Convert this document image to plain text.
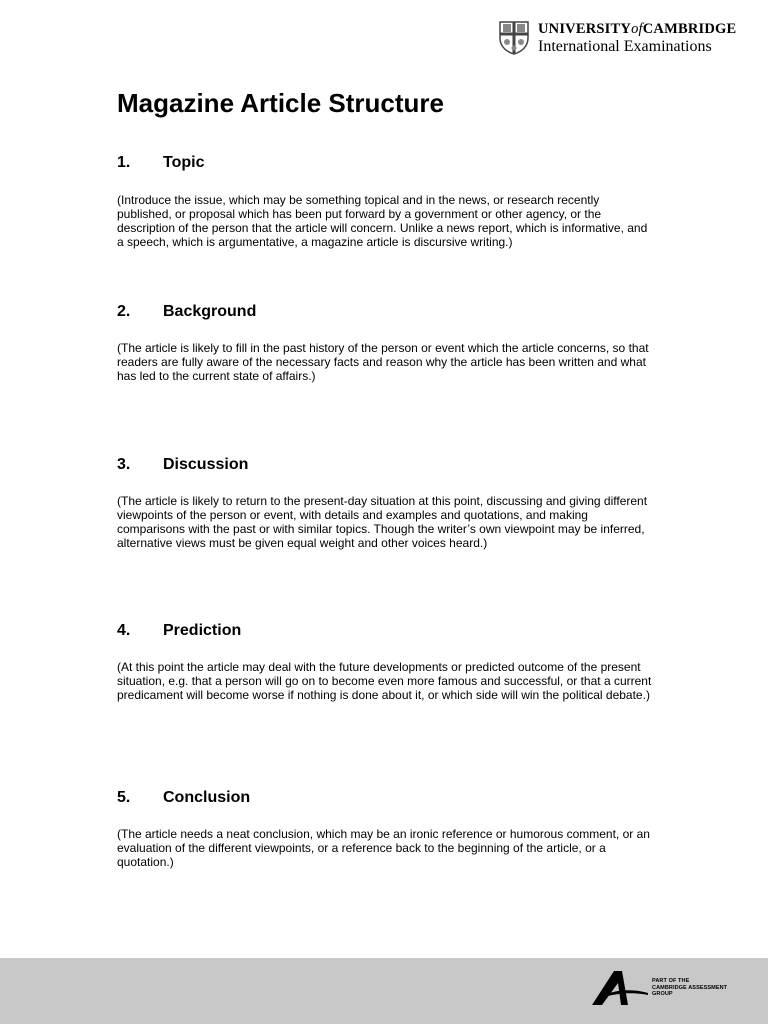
UNIVERSITYofCAMBRIDGE
International Examinations
Magazine Article Structure
1. Topic

(Introduce the issue, which may be something topical and in the news, or research recently published, or proposal which has been put forward by a government or other agency, or the description of the person that the article will concern. Unlike a news report, which is informative, and a speech, which is argumentative, a magazine article is discursive writing.)

2. Background

(The article is likely to fill in the past history of the person or event which the article concerns, so that readers are fully aware of the necessary facts and reason why the article has been written and what has led to the current state of affairs.)

3. Discussion

(The article is likely to return to the present-day situation at this point, discussing and giving different viewpoints of the person or event, with details and examples and quotations, and making comparisons with the past or with similar topics. Though the writer’s own viewpoint may be inferred, alternative views must be given equal weight and other voices heard.)

4. Prediction

(At this point the article may deal with the future developments or predicted outcome of the present situation, e.g. that a person will go on to become even more famous and successful, or that a current predicament will become worse if nothing is done about it, or which side will win the political debate.)

5. Conclusion

(The article needs a neat conclusion, which may be an ironic reference or humorous comment, or an evaluation of the different viewpoints, or a reference back to the beginning of the article, or a quotation.)

PART OF THE
CAMBRIDGE ASSESSMENT
GROUP
